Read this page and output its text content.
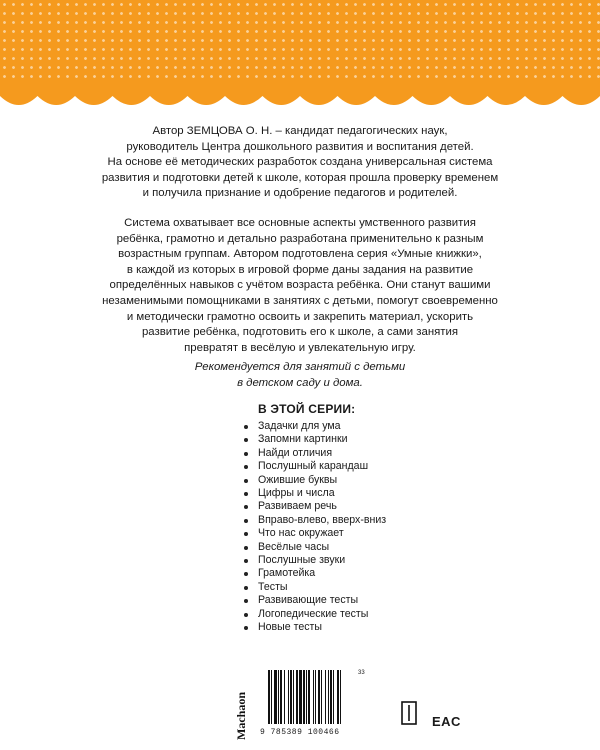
Автор ЗЕМЦОВА О. Н. – кандидат педагогических наук,
руководитель Центра дошкольного развития и воспитания детей.
На основе её методических разработок создана универсальная система
развития и подготовки детей к школе, которая прошла проверку временем
и получила признание и одобрение педагогов и родителей.

Система охватывает все основные аспекты умственного развития
ребёнка, грамотно и детально разработана применительно к разным
возрастным группам. Автором подготовлена серия «Умные книжки»,
в каждой из которых в игровой форме даны задания на развитие
определённых навыков с учётом возраста ребёнка. Они станут вашими
незаменимыми помощниками в занятиях с детьми, помогут своевременно
и методически грамотно освоить и закрепить материал, ускорить
развитие ребёнка, подготовить его к школе, а сами занятия
превратят в весёлую и увлекательную игру.

Рекомендуется для занятий с детьми
в детском саду и дома.

В ЭТОЙ СЕРИИ:
Задачки для ума
Запомни картинки
Найди отличия
Послушный карандаш
Ожившие буквы
Цифры и числа
Развиваем речь
Вправо-влево, вверх-вниз
Что нас окружает
Весёлые часы
Послушные звуки
Грамотейка
Тесты
Развивающие тесты
Логопедические тесты
Новые тесты
Machaon 9 785389 100466
33
EAC
